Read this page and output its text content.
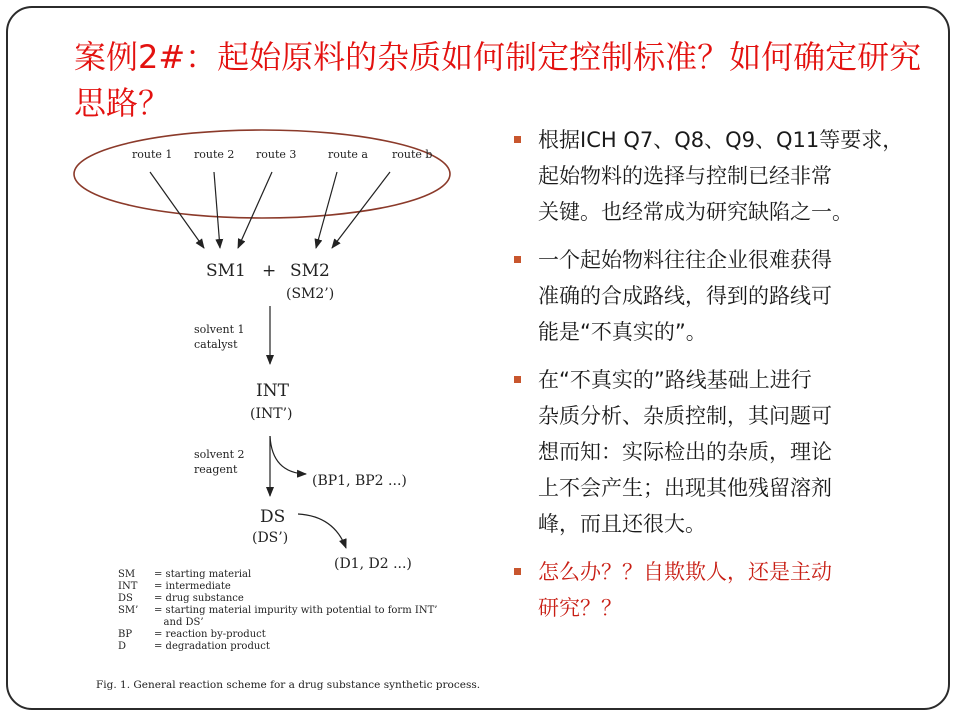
案例2#：起始原料的杂质如何制定控制标准？如何确定研究思路？
route 1 route 2 route 3	route a route b
SM1 + SM2
(SM2’)
solvent 1
catalyst
INT
(INT’)
solvent 2
reagent
(BP1, BP2 ...)
DS
(DS’)
(D1, D2 ...)
SM = starting material
INT = intermediate
DS = drug substance
SM’ = starting material impurity with potential to form INT’
and DS’
BP = reaction by-product
D	= degradation product
Fig. 1. General reaction scheme for a drug substance synthetic process.
根据ICH Q7、Q8、Q9、Q11等要求，
起始物料的选择与控制已经非常
关键。也经常成为研究缺陷之一。
一个起始物料往往企业很难获得
准确的合成路线，得到的路线可
能是“不真实的”。
在“不真实的”路线基础上进行
杂质分析、杂质控制，其问题可
想而知：实际检出的杂质，理论
上不会产生；出现其他残留溶剂
峰，而且还很大。
怎么办？？自欺欺人，还是主动
研究？？
